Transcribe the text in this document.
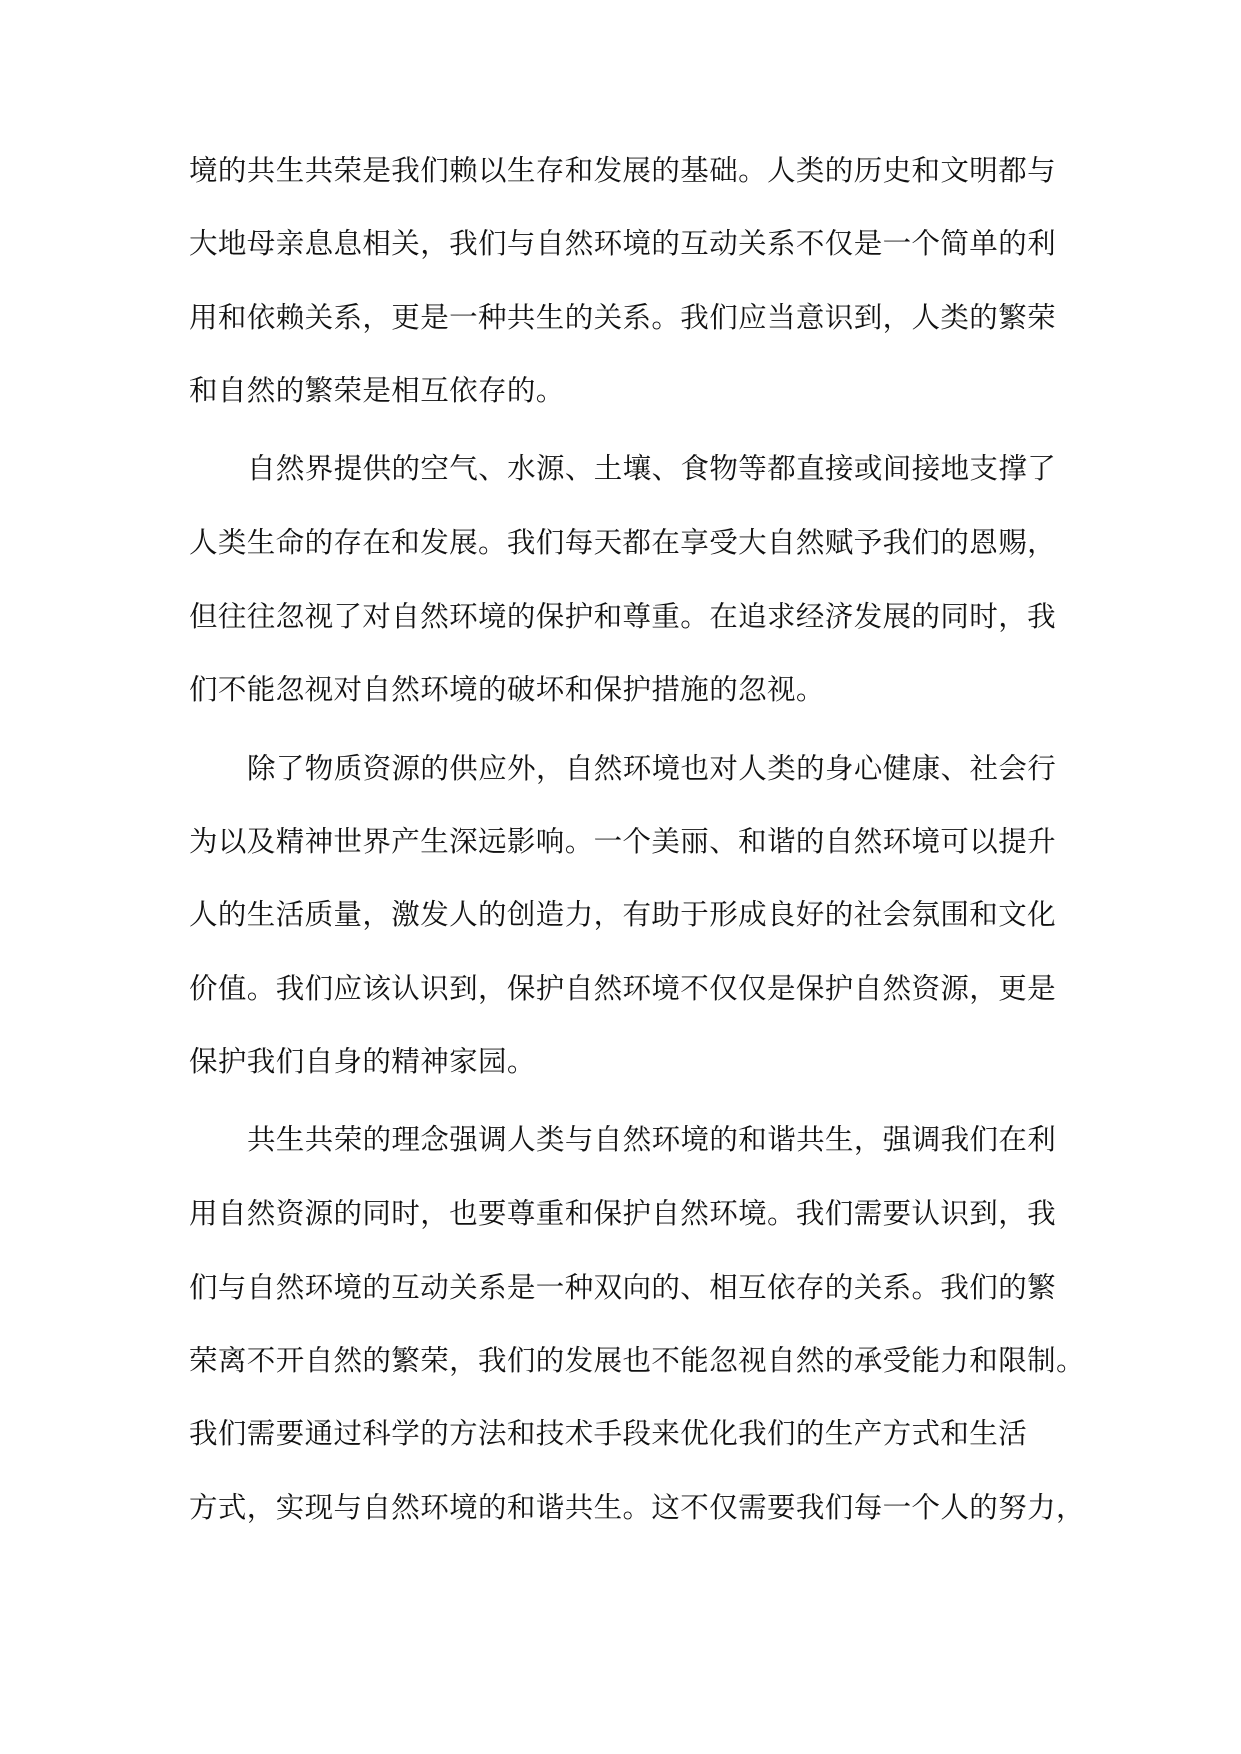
境的共生共荣是我们赖以生存和发展的基础。人类的历史和文明都与
大地母亲息息相关，我们与自然环境的互动关系不仅是一个简单的利
用和依赖关系，更是一种共生的关系。我们应当意识到，人类的繁荣
和自然的繁荣是相互依存的。
自然界提供的空气、水源、土壤、食物等都直接或间接地支撑了
人类生命的存在和发展。我们每天都在享受大自然赋予我们的恩赐，
但往往忽视了对自然环境的保护和尊重。在追求经济发展的同时，我
们不能忽视对自然环境的破坏和保护措施的忽视。
除了物质资源的供应外，自然环境也对人类的身心健康、社会行
为以及精神世界产生深远影响。一个美丽、和谐的自然环境可以提升
人的生活质量，激发人的创造力，有助于形成良好的社会氛围和文化
价值。我们应该认识到，保护自然环境不仅仅是保护自然资源，更是
保护我们自身的精神家园。
共生共荣的理念强调人类与自然环境的和谐共生，强调我们在利
用自然资源的同时，也要尊重和保护自然环境。我们需要认识到，我
们与自然环境的互动关系是一种双向的、相互依存的关系。我们的繁
荣离不开自然的繁荣，我们的发展也不能忽视自然的承受能力和限制。
我们需要通过科学的方法和技术手段来优化我们的生产方式和生活
方式，实现与自然环境的和谐共生。这不仅需要我们每一个人的努力，
